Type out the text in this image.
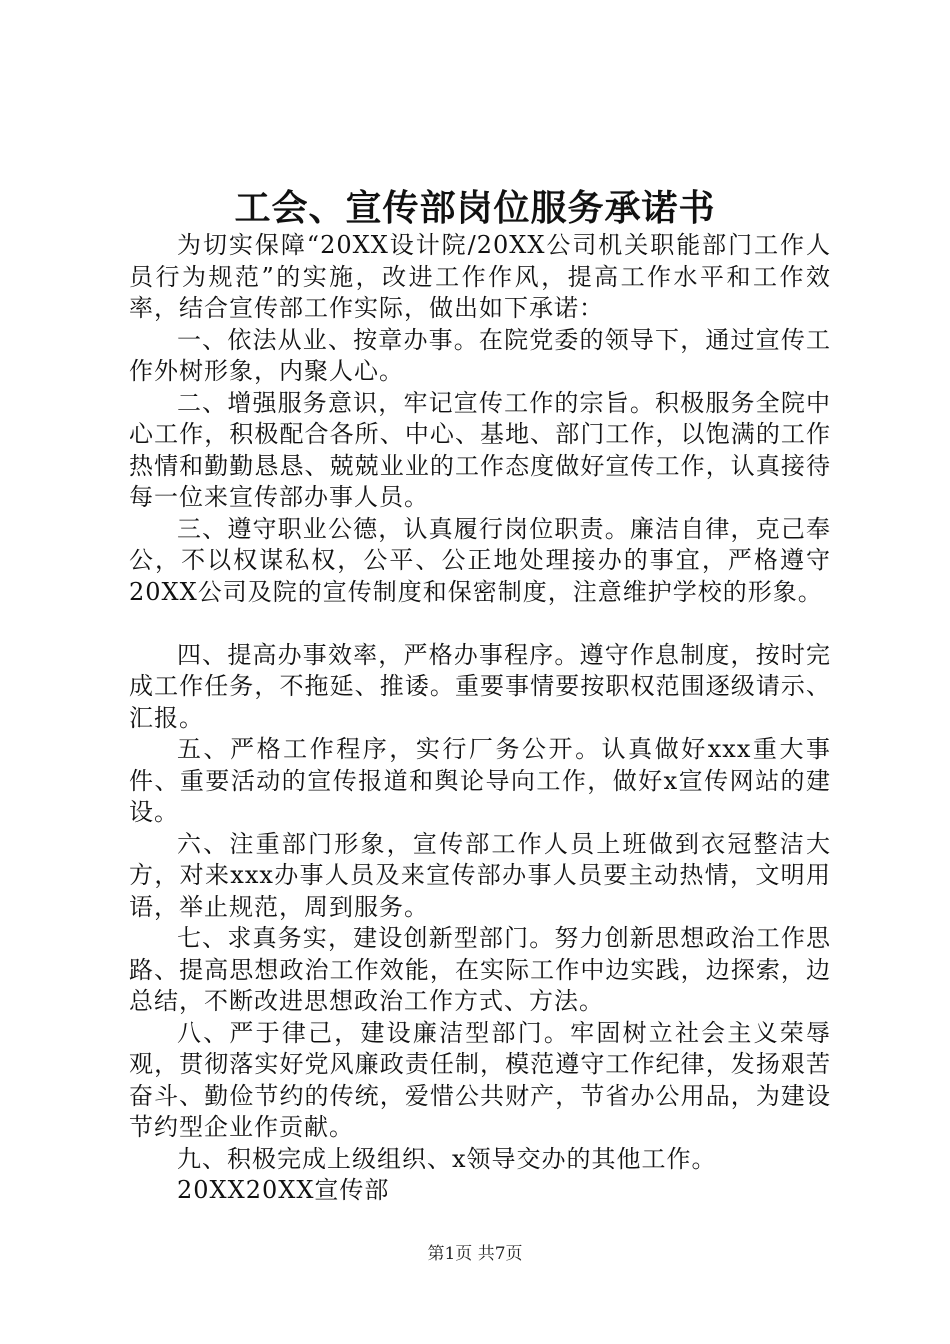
工会、宣传部岗位服务承诺书

为切实保障“20XX设计院/20XX公司机关职能部门工作人员行为规范”的实施，改进工作作风，提高工作水平和工作效率，结合宣传部工作实际，做出如下承诺：

一、依法从业、按章办事。在院党委的领导下，通过宣传工作外树形象，内聚人心。

二、增强服务意识，牢记宣传工作的宗旨。积极服务全院中心工作，积极配合各所、中心、基地、部门工作，以饱满的工作热情和勤勤恳恳、兢兢业业的工作态度做好宣传工作，认真接待每一位来宣传部办事人员。

三、遵守职业公德，认真履行岗位职责。廉洁自律，克己奉公，不以权谋私权，公平、公正地处理接办的事宜，严格遵守20XX公司及院的宣传制度和保密制度，注意维护学校的形象。

四、提高办事效率，严格办事程序。遵守作息制度，按时完成工作任务，不拖延、推诿。重要事情要按职权范围逐级请示、汇报。

五、严格工作程序，实行厂务公开。认真做好xxx重大事件、重要活动的宣传报道和舆论导向工作，做好x宣传网站的建设。

六、注重部门形象，宣传部工作人员上班做到衣冠整洁大方，对来xxx办事人员及来宣传部办事人员要主动热情，文明用语，举止规范，周到服务。

七、求真务实，建设创新型部门。努力创新思想政治工作思路、提高思想政治工作效能，在实际工作中边实践，边探索，边总结，不断改进思想政治工作方式、方法。

八、严于律己，建设廉洁型部门。牢固树立社会主义荣辱观，贯彻落实好党风廉政责任制，模范遵守工作纪律，发扬艰苦奋斗、勤俭节约的传统，爱惜公共财产，节省办公用品，为建设节约型企业作贡献。

九、积极完成上级组织、x领导交办的其他工作。

20XX20XX宣传部

第1页 共7页
